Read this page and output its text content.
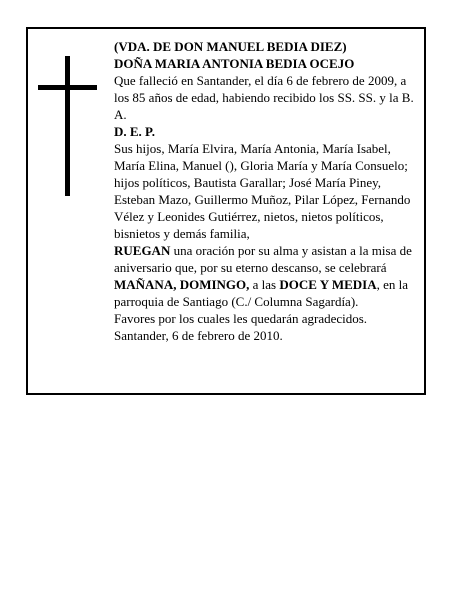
(VDA. DE DON MANUEL BEDIA DIEZ)

DOÑA MARIA ANTONIA BEDIA OCEJO

Que falleció en Santander, el día 6 de febrero de 2009, a los 85 años de edad, habiendo recibido los SS. SS. y la B. A.

D. E. P.

Sus hijos, María Elvira, María Antonia, María Isabel, María Elina, Manuel (), Gloria María y María Consuelo; hijos políticos, Bautista Garallar; José María Piney, Esteban Mazo, Guillermo Muñoz, Pilar López, Fernando Vélez y Leonides Gutiérrez, nietos, nietos políticos, bisnietos y demás familia,

RUEGAN una oración por su alma y asistan a la misa de aniversario que, por su eterno descanso, se celebrará MAÑANA, DOMINGO, a las DOCE Y MEDIA, en la parroquia de Santiago (C./ Columna Sagardía).

Favores por los cuales les quedarán agradecidos.

Santander, 6 de febrero de 2010.
